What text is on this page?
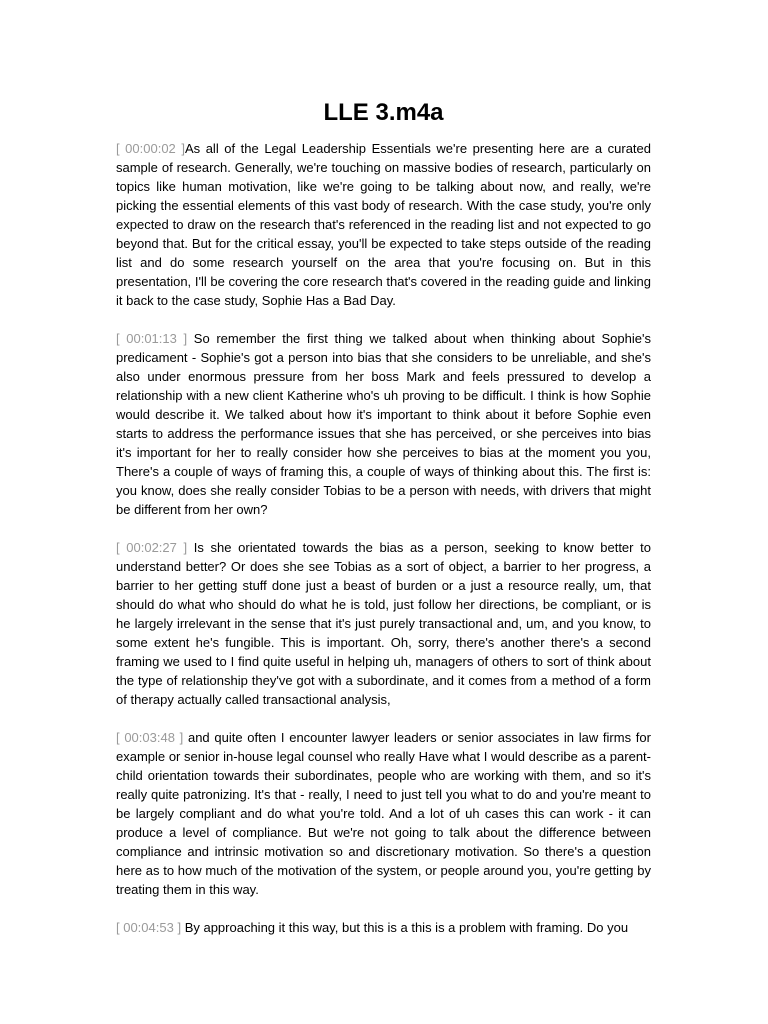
LLE 3.m4a

[ 00:00:02 ]As all of the Legal Leadership Essentials we're presenting here are a curated sample of research. Generally, we're touching on massive bodies of research, particularly on topics like human motivation, like we're going to be talking about now, and really, we're picking the essential elements of this vast body of research. With the case study, you're only expected to draw on the research that's referenced in the reading list and not expected to go beyond that. But for the critical essay, you'll be expected to take steps outside of the reading list and do some research yourself on the area that you're focusing on. But in this presentation, I'll be covering the core research that's covered in the reading guide and linking it back to the case study, Sophie Has a Bad Day.

[ 00:01:13 ] So remember the first thing we talked about when thinking about Sophie's predicament - Sophie's got a person into bias that she considers to be unreliable, and she's also under enormous pressure from her boss Mark and feels pressured to develop a relationship with a new client Katherine who's uh proving to be difficult. I think is how Sophie would describe it. We talked about how it's important to think about it before Sophie even starts to address the performance issues that she has perceived, or she perceives into bias it's important for her to really consider how she perceives to bias at the moment you you, There's a couple of ways of framing this, a couple of ways of thinking about this. The first is: you know, does she really consider Tobias to be a person with needs, with drivers that might be different from her own?

[ 00:02:27 ] Is she orientated towards the bias as a person, seeking to know better to understand better? Or does she see Tobias as a sort of object, a barrier to her progress, a barrier to her getting stuff done just a beast of burden or a just a resource really, um, that should do what who should do what he is told, just follow her directions, be compliant, or is he largely irrelevant in the sense that it's just purely transactional and, um, and you know, to some extent he's fungible. This is important. Oh, sorry, there's another there's a second framing we used to I find quite useful in helping uh, managers of others to sort of think about the type of relationship they've got with a subordinate, and it comes from a method of a form of therapy actually called transactional analysis,

[ 00:03:48 ] and quite often I encounter lawyer leaders or senior associates in law firms for example or senior in-house legal counsel who really Have what I would describe as a parent-child orientation towards their subordinates, people who are working with them, and so it's really quite patronizing. It's that - really, I need to just tell you what to do and you're meant to be largely compliant and do what you're told. And a lot of uh cases this can work - it can produce a level of compliance. But we're not going to talk about the difference between compliance and intrinsic motivation so and discretionary motivation. So there's a question here as to how much of the motivation of the system, or people around you, you're getting by treating them in this way.

[ 00:04:53 ] By approaching it this way, but this is a this is a problem with framing. Do you
